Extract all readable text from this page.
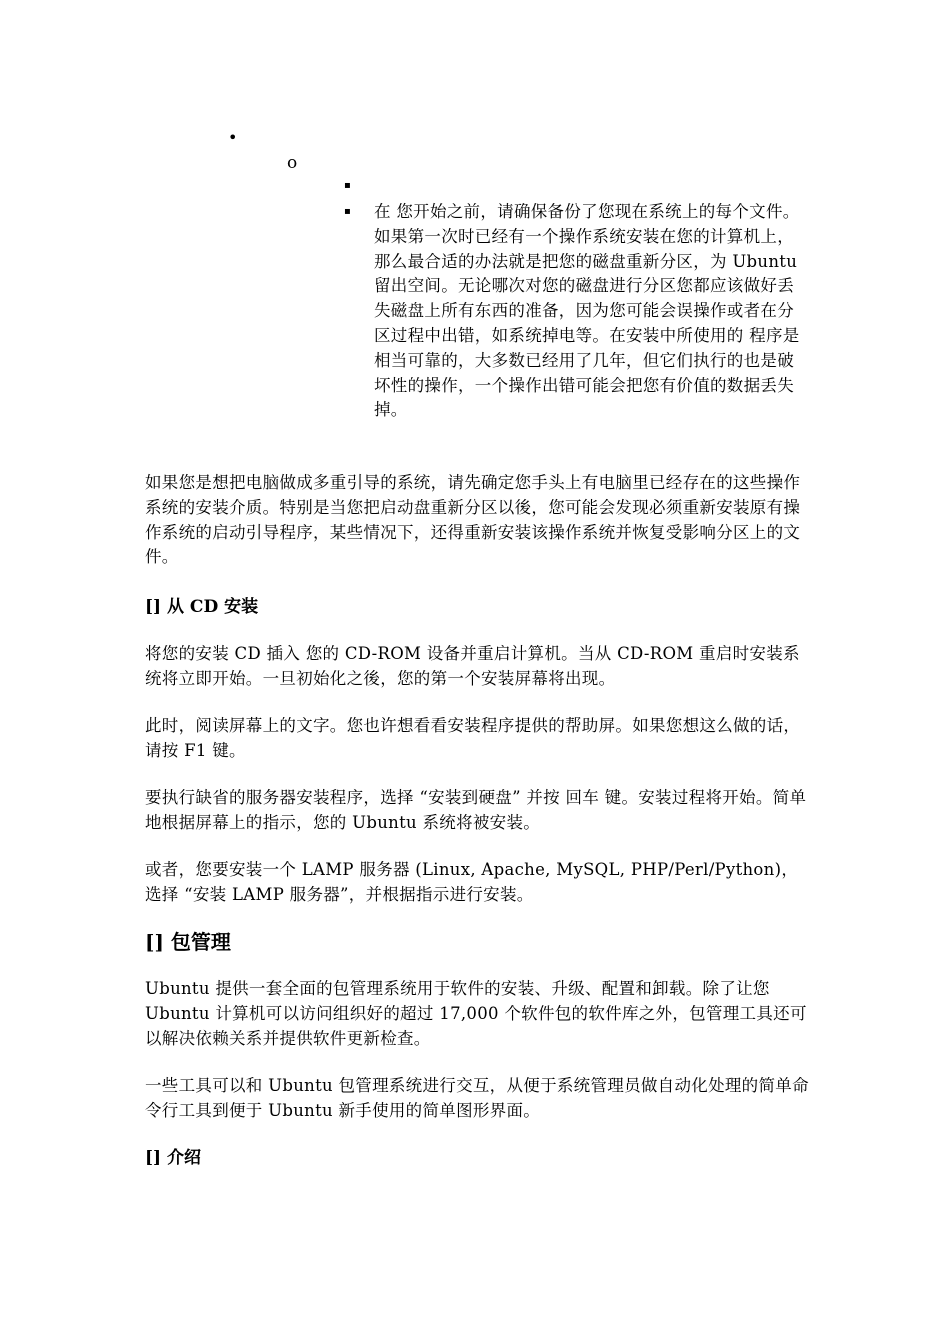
•
o
▪
▪ 在 您开始之前，请确保备份了您现在系统上的每个文件。如果第一次时已经有一个操作系统安装在您的计算机上，那么最合适的办法就是把您的磁盘重新分区，为 Ubuntu 留出空间。无论哪次对您的磁盘进行分区您都应该做好丢失磁盘上所有东西的准备，因为您可能会误操作或者在分区过程中出错，如系统掉电等。在安装中所使用的 程序是相当可靠的，大多数已经用了几年，但它们执行的也是破坏性的操作，一个操作出错可能会把您有价值的数据丢失掉。

如果您是想把电脑做成多重引导的系统，请先确定您手头上有电脑里已经存在的这些操作系统的安装介质。特别是当您把启动盘重新分区以後，您可能会发现必须重新安装原有操作系统的启动引导程序，某些情况下，还得重新安装该操作系统并恢复受影响分区上的文件。

[] 从 CD 安装

将您的安装 CD 插入 您的 CD-ROM 设备并重启计算机。当从 CD-ROM 重启时安装系统将立即开始。一旦初始化之後，您的第一个安装屏幕将出现。

此时，阅读屏幕上的文字。您也许想看看安装程序提供的帮助屏。如果您想这么做的话，请按 F1 键。

要执行缺省的服务器安装程序，选择 “安装到硬盘” 并按 回车 键。安装过程将开始。简单地根据屏幕上的指示，您的 Ubuntu 系统将被安装。

或者，您要安装一个 LAMP 服务器 (Linux, Apache, MySQL, PHP/Perl/Python)，选择 “安装 LAMP 服务器”，并根据指示进行安装。

[] 包管理

Ubuntu 提供一套全面的包管理系统用于软件的安装、升级、配置和卸载。除了让您 Ubuntu 计算机可以访问组织好的超过 17,000 个软件包的软件库之外，包管理工具还可以解决依赖关系并提供软件更新检查。

一些工具可以和 Ubuntu 包管理系统进行交互，从便于系统管理员做自动化处理的简单命令行工具到便于 Ubuntu 新手使用的简单图形界面。

[] 介绍
